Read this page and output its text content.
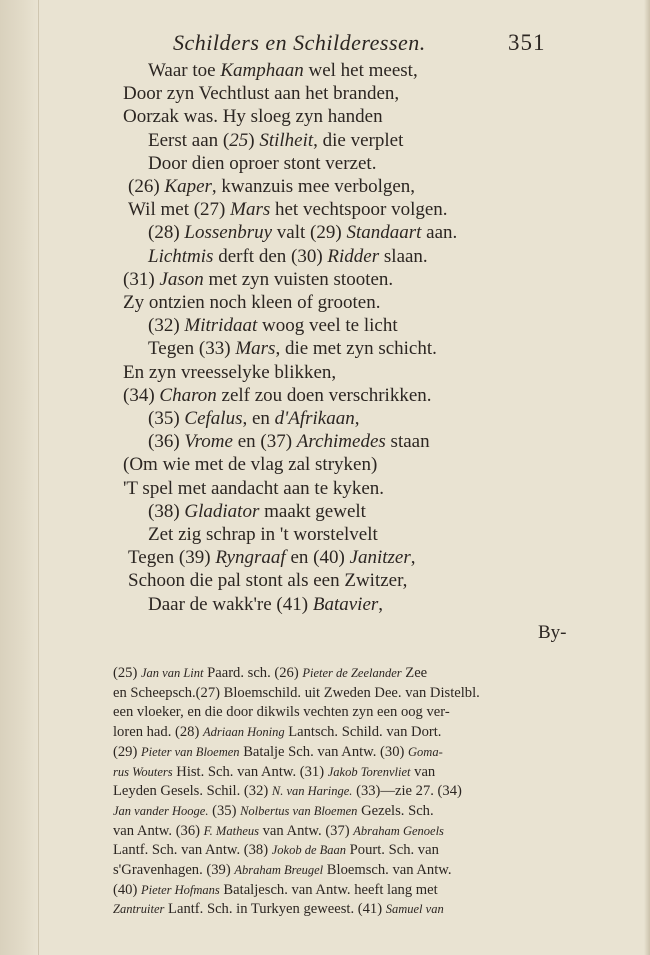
Schilders en Schilderessen.	351
Waar toe Kamphaan wel het meest,
Door zyn Vechtlust aan het branden,
Oorzak was. Hy sloeg zyn handen
Eerst aan (25) Stilheit, die verplet
Door dien oproer stont verzet.
(26) Kaper, kwanzuis mee verbolgen,
Wil met (27) Mars het vechtspoor volgen.
(28) Lossenbruy valt (29) Standaart aan.
Lichtmis derft den (30) Ridder slaan.
(31) Jason met zyn vuisten stooten.
Zy ontzien noch kleen of grooten.
(32) Mitridaat woog veel te licht
Tegen (33) Mars, die met zyn schicht.
En zyn vreesselyke blikken,
(34) Charon zelf zou doen verschrikken.
(35) Cefalus, en d'Afrikaan,
(36) Vrome en (37) Archimedes staan
(Om wie met de vlag zal stryken)
'T spel met aandacht aan te kyken.
(38) Gladiator maakt gewelt
Zet zig schrap in 't worstelvelt
Tegen (39) Ryngraaf en (40) Janitzer,
Schoon die pal stont als een Zwitzer,
Daar de wakk're (41) Batavier,
By-
(25) Jan van Lint Paard. sch. (26) Pieter de Zeelander Zee
en Scheepsch.(27) Bloemschild. uit Zweden Dee. van Distelbl.
een vloeker, en die door dikwils vechten zyn een oog ver-
loren had. (28) Adriaan Honing Lantsch. Schild. van Dort.
(29) Pieter van Bloemen Batalje Sch. van Antw. (30) Goma-
rus Wouters Hist. Sch. van Antw. (31) Jakob Torenvliet van
Leyden Gesels. Schil. (32) N. van Haringe. (33)—zie 27. (34)
Jan vander Hooge. (35) Nolbertus van Bloemen Gezels. Sch.
van Antw. (36) F. Matheus van Antw. (37) Abraham Genoels
Lantf. Sch. van Antw. (38) Jokob de Baan Pourt. Sch. van
s'Gravenhagen. (39) Abraham Breugel Bloemsch. van Antw.
(40) Pieter Hofmans Bataljesch. van Antw. heeft lang met
Zantruiter Lantf. Sch. in Turkyen geweest. (41) Samuel van
